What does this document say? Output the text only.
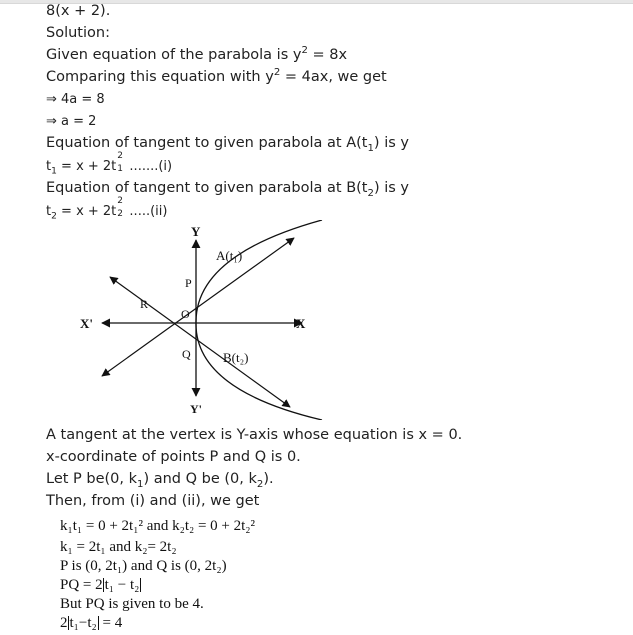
8(x + 2).
Solution:
Given equation of the parabola is $y^2 = 8x$
Comparing this equation with $y^2 = 4ax$, we get
⇒ 4a = 8
⇒ a = 2
Equation of tangent to given parabola at $A(t_1)$ is y
$t_1 = x + 2t$
2
1 .......(i)
Equation of tangent to given parabola at $B(t_2)$ is y
$t_2 = x + 2t$
2
2 .....(ii)
Y
Y'
X
X'
A(t₁)
B(t₂)
P
Q
R
O
A tangent at the vertex is Y-axis whose equation is x = 0.
x-coordinate of points P and Q is 0.
Let P be(0, $k_1$) and Q be (0, $k_2$).
Then, from (i) and (ii), we get
k₁t₁ = 0 + 2t₁² and k₂t₂ = 0 + 2t₂²
k₁ = 2t₁ and k₂= 2t₂
P is (0, 2t₁) and Q is (0, 2t₂)
PQ = 2 t₁ − t₂
But PQ is given to be 4.
2 t₁−t₂ = 4
